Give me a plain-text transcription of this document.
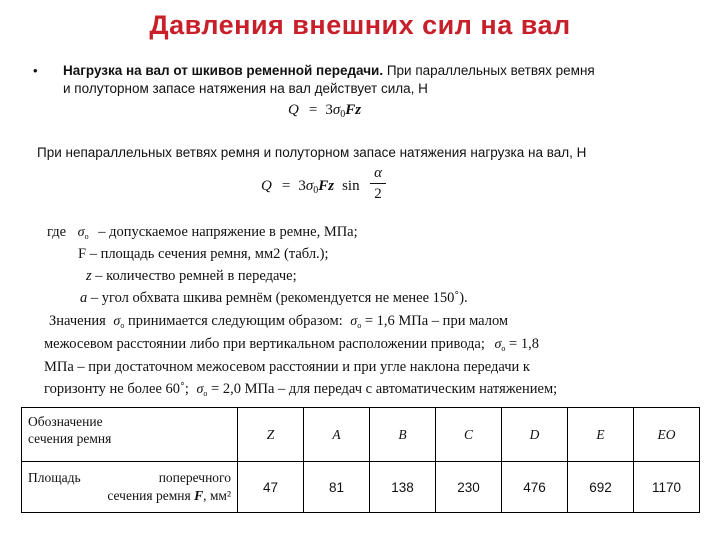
Давления внешних сил на вал
• Нагрузка на вал от шкивов ременной передачи. При параллельных ветвях ремня
и полуторном запасе натяжения на вал действует сила, Н
$Q = 3\sigma_0Fz$
При непараллельных ветвях ремня и полуторном запасе натяжения нагрузка на вал, Н
$Q = 3\sigma_0Fz$ sin
α
2
где $\sigma_о$ – допускаемое напряжение в ремне, МПа;
F – площадь сечения ремня, мм2 (табл.);
z – количество ремней в передаче;
а – угол обхвата шкива ремнём (рекомендуется не менее 150˚).
Значения $\sigma_о$ принимается следующим образом: $\sigma_о = 1,6$ МПа – при малом
межосевом расстоянии либо при вертикальном расположении привода; $\sigma_о = 1,8$
МПа – при достаточном межосевом расстоянии и при угле наклона передачи к
горизонту не более 60˚; $\sigma_о = 2,0$ МПа – для передач с автоматическим натяжением;
Обозначение
сечения ремня	Z	A	B	C	D	E	EO

Площадь поперечного
сечения ремня F, мм²	47	81	138	230	476	692	1170
